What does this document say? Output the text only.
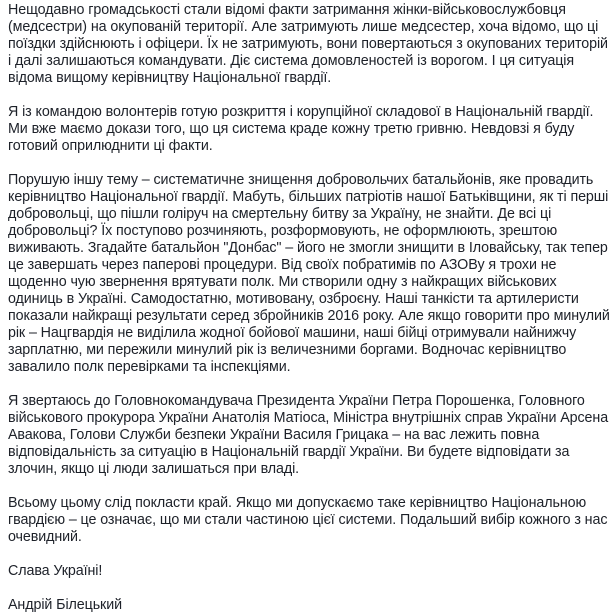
Нещодавно громадськості стали відомі факти затримання жінки-військовослужбовця (медсестри) на окупованій території. Але затримують лише медсестер, хоча відомо, що ці поїздки здійснюють і офіцери. Їх не затримують, вони повертаються з окупованих територій і далі залишаються командувати. Діє система домовленостей із ворогом. І ця ситуація відома вищому керівництву Національної гвардії.

Я із командою волонтерів готую розкриття і корупційної складової в Національній гвардії. Ми вже маємо докази того, що ця система краде кожну третю гривню. Невдовзі я буду готовий оприлюднити ці факти.

Порушую іншу тему – систематичне знищення добровольчих батальйонів, яке провадить керівництво Національної гвардії. Мабуть, більших патріотів нашої Батьківщини, як ті перші добровольці, що пішли голіруч на смертельну битву за Україну, не знайти. Де всі ці добровольці? Їх поступово розчиняють, розформовують, не оформлюють, зрештою виживають. Згадайте батальйон "Донбас" – його не змогли знищити в Іловайську, так тепер це завершать через паперові процедури. Від своїх побратимів по АЗОВу я трохи не щоденно чую звернення врятувати полк. Ми створили одну з найкращих військових одиниць в Україні. Самодостатню, мотивовану, озброєну. Наші танкісти та артилеристи показали найкращі результати серед збройників 2016 року. Але якщо говорити про минулий рік – Нацгвардія не виділила жодної бойової машини, наші бійці отримували найнижчу зарплатню, ми пережили минулий рік із величезними боргами. Водночас керівництво завалило полк перевірками та інспекціями.

Я звертаюсь до Головнокомандувача Президента України Петра Порошенка, Головного військового прокурора України Анатолія Матіоса, Міністра внутрішніх справ України Арсена Авакова, Голови Служби безпеки України Василя Грицака – на вас лежить повна відповідальність за ситуацію в Національній гвардії України. Ви будете відповідати за злочин, якщо ці люди залишаться при владі.

Всьому цьому слід покласти край. Якщо ми допускаємо таке керівництво Національною гвардією – це означає, що ми стали частиною цієї системи. Подальший вибір кожного з нас очевидний.

Слава Україні!

Андрій Білецький
